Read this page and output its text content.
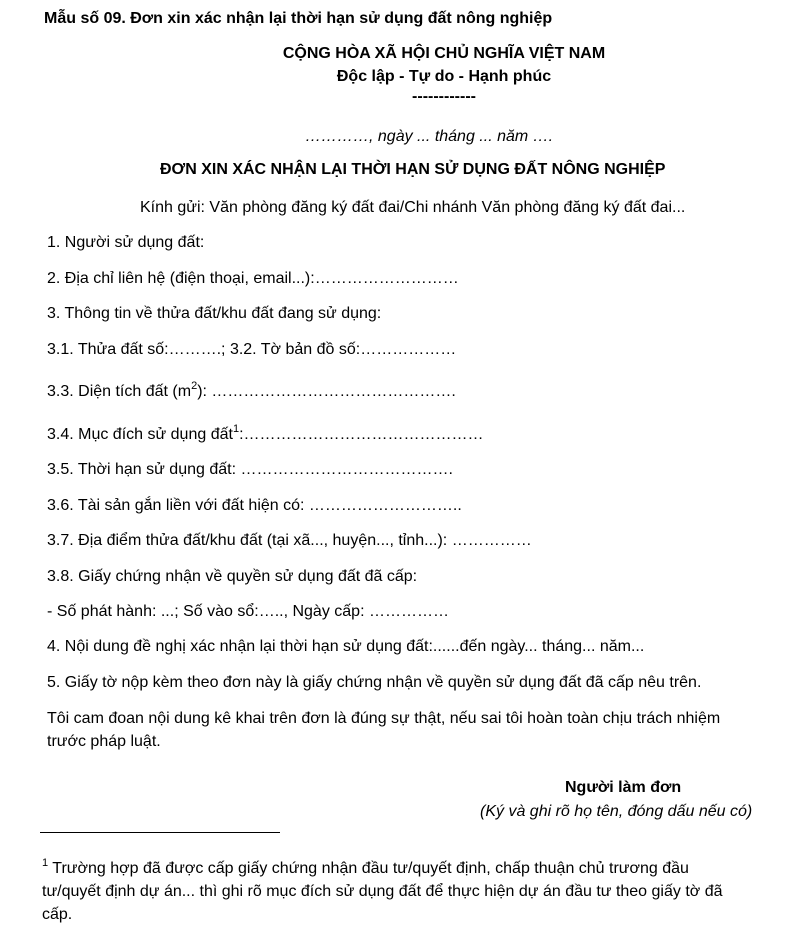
Mẫu số 09. Đơn xin xác nhận lại thời hạn sử dụng đất nông nghiệp
CỘNG HÒA XÃ HỘI CHỦ NGHĨA VIỆT NAM
Độc lập - Tự do - Hạnh phúc
------------
…………, ngày ... tháng ... năm ….
ĐƠN XIN XÁC NHẬN LẠI THỜI HẠN SỬ DỤNG ĐẤT NÔNG NGHIỆP
Kính gửi: Văn phòng đăng ký đất đai/Chi nhánh Văn phòng đăng ký đất đai...
1. Người sử dụng đất:
2. Địa chỉ liên hệ (điện thoại, email...):………………………
3. Thông tin về thửa đất/khu đất đang sử dụng:
3.1. Thửa đất số:……….; 3.2. Tờ bản đồ số:………………
3.3. Diện tích đất $(m^2)$: ……………………………………….
3.4. Mục đích sử dụng đất$^1$:………………………………………
3.5. Thời hạn sử dụng đất: ………………………………….
3.6. Tài sản gắn liền với đất hiện có: ………………………..
3.7. Địa điểm thửa đất/khu đất (tại xã..., huyện..., tỉnh...): ……………
3.8. Giấy chứng nhận về quyền sử dụng đất đã cấp:
- Số phát hành: ...; Số vào sổ:….., Ngày cấp: ……………
4. Nội dung đề nghị xác nhận lại thời hạn sử dụng đất:......đến ngày... tháng... năm...
5. Giấy tờ nộp kèm theo đơn này là giấy chứng nhận về quyền sử dụng đất đã cấp nêu trên.
Tôi cam đoan nội dung kê khai trên đơn là đúng sự thật, nếu sai tôi hoàn toàn chịu trách nhiệm
trước pháp luật.
Người làm đơn
(Ký và ghi rõ họ tên, đóng dấu nếu có)
$^1$ Trường hợp đã được cấp giấy chứng nhận đầu tư/quyết định, chấp thuận chủ trương đầu
tư/quyết định dự án... thì ghi rõ mục đích sử dụng đất để thực hiện dự án đầu tư theo giấy tờ đã
cấp.
